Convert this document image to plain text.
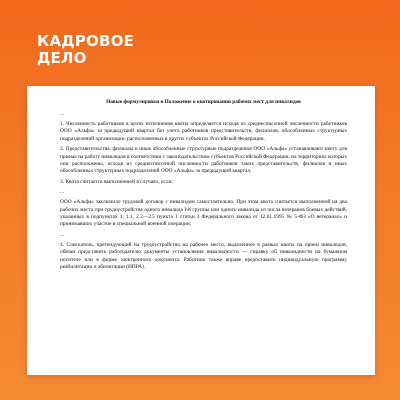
КАДРОВОЕ
ДЕЛО
Новые формулировки в Положение о квотировании рабочих мест для инвалидов
...
1. Численность работников в целях исполнения квоты определяется исходя из среднесписочной численности работников ООО «Альфа» за предыдущий квартал без учета работников представительств, филиалов, обособленных структурных подразделений организации, расположенных в других субъектах Российской Федерации.
2. Представительства, филиалы и иные обособленные структурные подразделения ООО «Альфа» устанавливают квоту для приема на работу инвалидов в соответствии с законодательством субъектов Российской Федерации, на территориях которых они расположены, исходя из среднесписочной численности работников таких представительств, филиалов и иных обособленных структурных подразделений ООО «Альфа» за предыдущий квартал.
3. Квота считается выполненной в случаях, если:
...
ООО «Альфа» заключило трудовой договор с инвалидом самостоятельно. При этом квота считается выполненной на два рабочих места при трудоустройстве одного инвалида I-й группы или одного инвалида из числа ветеранов боевых действий, указанных в подпунктах 1, 1.1, 2.2—2.5 пункта 1 статьи 3 Федерального закона от 12.01.1995 № 5-ФЗ «О ветеранах» и принимавших участие в специальной военной операции;
...
4. Соискатель, претендующий на трудоустройство на рабочее место, выделенное в рамках квоты на прием инвалидов, обязан представить работодателю документы установления инвалидности — справку об инвалидности на бумажном носителе или в форме электронного документа. Работник также вправе предоставить индивидуальную программу реабилитации и абилитации (ИПРА).
